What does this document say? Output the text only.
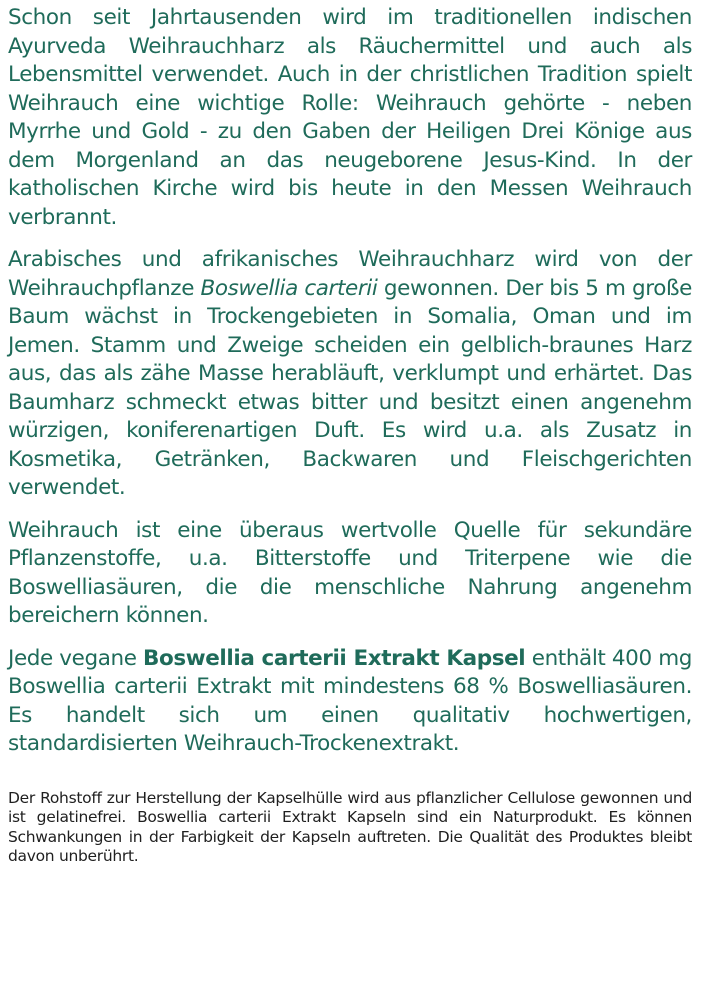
Schon seit Jahrtausenden wird im traditionellen indischen Ayurveda Weihrauchharz als Räuchermittel und auch als Lebensmittel verwendet. Auch in der christlichen Tradition spielt Weihrauch eine wichtige Rolle: Weihrauch gehörte - neben Myrrhe und Gold - zu den Gaben der Heiligen Drei Könige aus dem Morgenland an das neugeborene Jesus-Kind. In der katholischen Kirche wird bis heute in den Messen Weihrauch verbrannt.

Arabisches und afrikanisches Weihrauchharz wird von der Weihrauchpflanze Boswellia carterii gewonnen. Der bis 5 m große Baum wächst in Trockengebieten in Somalia, Oman und im Jemen. Stamm und Zweige scheiden ein gelblich-braunes Harz aus, das als zähe Masse herabläuft, verklumpt und erhärtet. Das Baumharz schmeckt etwas bitter und besitzt einen angenehm würzigen, koniferenartigen Duft. Es wird u.a. als Zusatz in Kosmetika, Getränken, Backwaren und Fleischgerichten verwendet.

Weihrauch ist eine überaus wertvolle Quelle für sekundäre Pflanzenstoffe, u.a. Bitterstoffe und Triterpene wie die Boswelliasäuren, die die menschliche Nahrung angenehm bereichern können.

Jede vegane Boswellia carterii Extrakt Kapsel enthält 400 mg Boswellia carterii Extrakt mit mindestens 68 % Boswelliasäuren. Es handelt sich um einen qualitativ hochwertigen, standardisierten Weihrauch-Trockenextrakt.

Der Rohstoff zur Herstellung der Kapselhülle wird aus pflanzlicher Cellulose gewonnen und ist gelatinefrei. Boswellia carterii Extrakt Kapseln sind ein Naturprodukt. Es können Schwankungen in der Farbigkeit der Kapseln auftreten. Die Qualität des Produktes bleibt davon unberührt.
